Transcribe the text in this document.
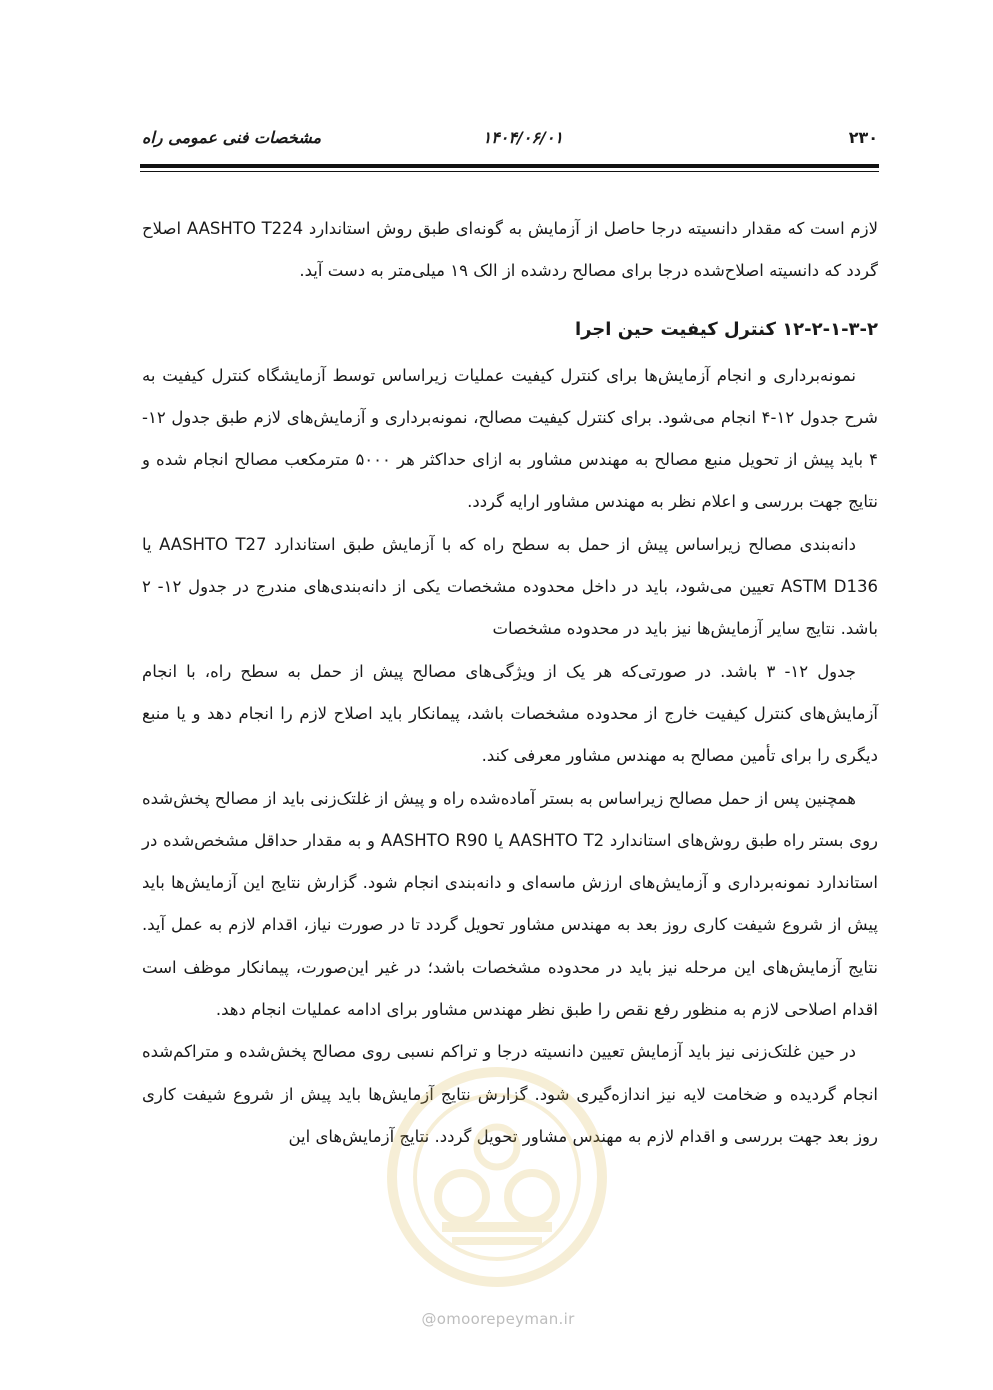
۲۳۰
۱۴۰۴/۰۶/۰۱
مشخصات فنی عمومی راه

لازم است که مقدار دانسیته درجا حاصل از آزمایش به گونه‌ای طبق روش استاندارد AASHTO T224 اصلاح گردد که دانسیته اصلاح‌شده درجا برای مصالح ردشده از الک ۱۹ میلی‌متر به دست آید.

۱۲-۲-۱-۳-۲ کنترل کیفیت حین اجرا

نمونه‌برداری و انجام آزمایش‌ها برای کنترل کیفیت عملیات زیراساس توسط آزمایشگاه کنترل کیفیت به شرح جدول ۱۲-۴ انجام می‌شود. برای کنترل کیفیت مصالح، نمونه‌برداری و آزمایش‌های لازم طبق جدول ۱۲- ۴ باید پیش از تحویل منبع مصالح به مهندس مشاور به ازای حداکثر هر ۵۰۰۰ مترمکعب مصالح انجام شده و نتایج جهت بررسی و اعلام نظر به مهندس مشاور ارایه گردد.

دانه‌بندی مصالح زیراساس پیش از حمل به سطح راه که با آزمایش طبق استاندارد AASHTO T27 یا ASTM D136 تعیین می‌شود، باید در داخل محدوده مشخصات یکی از دانه‌بندی‌های مندرج در جدول ۱۲- ۲ باشد. نتایج سایر آزمایش‌ها نیز باید در محدوده مشخصات

جدول ۱۲- ۳ باشد. در صورتی‌که هر یک از ویژگی‌های مصالح پیش از حمل به سطح راه، با انجام آزمایش‌های کنترل کیفیت خارج از محدوده مشخصات باشد، پیمانکار باید اصلاح لازم را انجام دهد و یا منبع دیگری را برای تأمین مصالح به مهندس مشاور معرفی کند.

همچنین پس از حمل مصالح زیراساس به بستر آماده‌شده راه و پیش از غلتک‌زنی باید از مصالح پخش‌شده روی بستر راه طبق روش‌های استاندارد AASHTO T2 یا AASHTO R90 و به مقدار حداقل مشخص‌شده در استاندارد نمونه‌برداری و آزمایش‌های ارزش ماسه‌ای و دانه‌بندی انجام شود. گزارش نتایج این آزمایش‌ها باید پیش از شروع شیفت کاری روز بعد به مهندس مشاور تحویل گردد تا در صورت نیاز، اقدام لازم به عمل آید. نتایج آزمایش‌های این مرحله نیز باید در محدوده مشخصات باشد؛ در غیر این‌صورت، پیمانکار موظف است اقدام اصلاحی لازم به منظور رفع نقص را طبق نظر مهندس مشاور برای ادامه عملیات انجام دهد.

در حین غلتک‌زنی نیز باید آزمایش تعیین دانسیته درجا و تراکم نسبی روی مصالح پخش‌شده و متراکم‌شده انجام گردیده و ضخامت لایه نیز اندازه‌گیری شود. گزارش نتایج آزمایش‌ها باید پیش از شروع شیفت کاری روز بعد جهت بررسی و اقدام لازم به مهندس مشاور تحویل گردد. نتایج آزمایش‌های این

@omoorepeyman.ir
